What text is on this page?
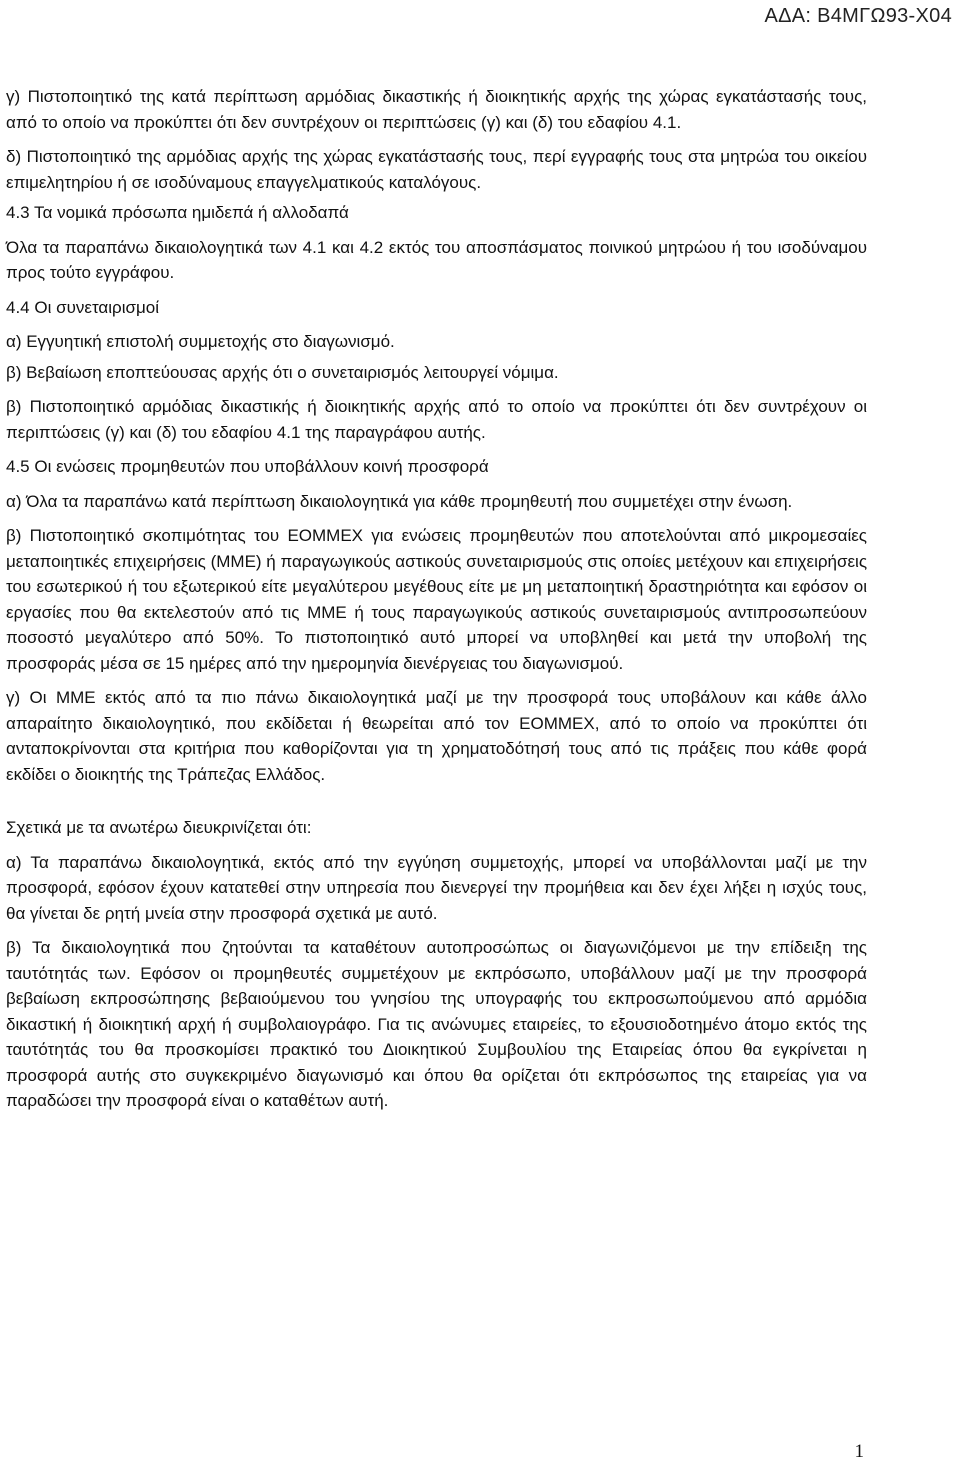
ΑΔΑ: Β4ΜΓΩ93-Χ04

γ) Πιστοποιητικό της κατά περίπτωση αρμόδιας δικαστικής ή διοικητικής αρχής της χώρας εγκατάστασής τους, από το οποίο να προκύπτει ότι δεν συντρέχουν οι περιπτώσεις (γ) και (δ) του εδαφίου 4.1.

δ) Πιστοποιητικό της αρμόδιας αρχής της χώρας εγκατάστασής τους, περί εγγραφής τους στα μητρώα του οικείου επιμελητηρίου ή σε ισοδύναμους επαγγελματικούς καταλόγους.

4.3 Τα νομικά πρόσωπα ημιδεπά ή αλλοδαπά

Όλα τα παραπάνω δικαιολογητικά των 4.1 και 4.2 εκτός του αποσπάσματος ποινικού μητρώου ή του ισοδύναμου προς τούτο εγγράφου.

4.4 Οι συνεταιρισμοί

α) Εγγυητική επιστολή συμμετοχής στο διαγωνισμό.

β) Βεβαίωση εποπτεύουσας αρχής ότι ο συνεταιρισμός λειτουργεί νόμιμα.

β) Πιστοποιητικό αρμόδιας δικαστικής ή διοικητικής αρχής από το οποίο να προκύπτει ότι δεν συντρέχουν οι περιπτώσεις (γ) και (δ) του εδαφίου 4.1 της παραγράφου αυτής.

4.5 Οι ενώσεις προμηθευτών που υποβάλλουν κοινή προσφορά

α) Όλα τα παραπάνω κατά περίπτωση δικαιολογητικά για κάθε προμηθευτή που συμμετέχει στην ένωση.

β) Πιστοποιητικό σκοπιμότητας του ΕΟΜΜΕΧ για ενώσεις προμηθευτών που αποτελούνται από μικρομεσαίες μεταποιητικές επιχειρήσεις (ΜΜΕ) ή παραγωγικούς αστικούς συνεταιρισμούς στις οποίες μετέχουν και επιχειρήσεις του εσωτερικού ή του εξωτερικού είτε μεγαλύτερου μεγέθους είτε με μη μεταποιητική δραστηριότητα και εφόσον οι εργασίες που θα εκτελεστούν από τις ΜΜΕ ή τους παραγωγικούς αστικούς συνεταιρισμούς αντιπροσωπεύουν ποσοστό μεγαλύτερο από 50%. Το πιστοποιητικό αυτό μπορεί να υποβληθεί και μετά την υποβολή της προσφοράς μέσα σε 15 ημέρες από την ημερομηνία διενέργειας του διαγωνισμού.

γ) Οι ΜΜΕ εκτός από τα πιο πάνω δικαιολογητικά μαζί με την προσφορά τους υποβάλουν και κάθε άλλο απαραίτητο δικαιολογητικό, που εκδίδεται ή θεωρείται από τον ΕΟΜΜΕΧ, από το οποίο να προκύπτει ότι ανταποκρίνονται στα κριτήρια που καθορίζονται για τη χρηματοδότησή τους από τις πράξεις που κάθε φορά εκδίδει ο διοικητής της Τράπεζας Ελλάδος.

Σχετικά με τα ανωτέρω διευκρινίζεται ότι:

α) Τα παραπάνω δικαιολογητικά, εκτός από την εγγύηση συμμετοχής, μπορεί να υποβάλλονται μαζί με την προσφορά, εφόσον έχουν κατατεθεί στην υπηρεσία που διενεργεί την προμήθεια και δεν έχει λήξει η ισχύς τους, θα γίνεται δε ρητή μνεία στην προσφορά σχετικά με αυτό.

β) Τα δικαιολογητικά που ζητούνται τα καταθέτουν αυτοπροσώπως οι διαγωνιζόμενοι με την επίδειξη της ταυτότητάς των. Εφόσον οι προμηθευτές συμμετέχουν με εκπρόσωπο, υποβάλλουν μαζί με την προσφορά βεβαίωση εκπροσώπησης βεβαιούμενου του γνησίου της υπογραφής του εκπροσωπούμενου από αρμόδια δικαστική ή διοικητική αρχή ή συμβολαιογράφο. Για τις ανώνυμες εταιρείες, το εξουσιοδοτημένο άτομο εκτός της ταυτότητάς του θα προσκομίσει πρακτικό του Διοικητικού Συμβουλίου της Εταιρείας όπου θα εγκρίνεται η προσφορά αυτής στο συγκεκριμένο διαγωνισμό και όπου θα ορίζεται ότι εκπρόσωπος της εταιρείας για να παραδώσει την προσφορά είναι ο καταθέτων αυτή.

1
